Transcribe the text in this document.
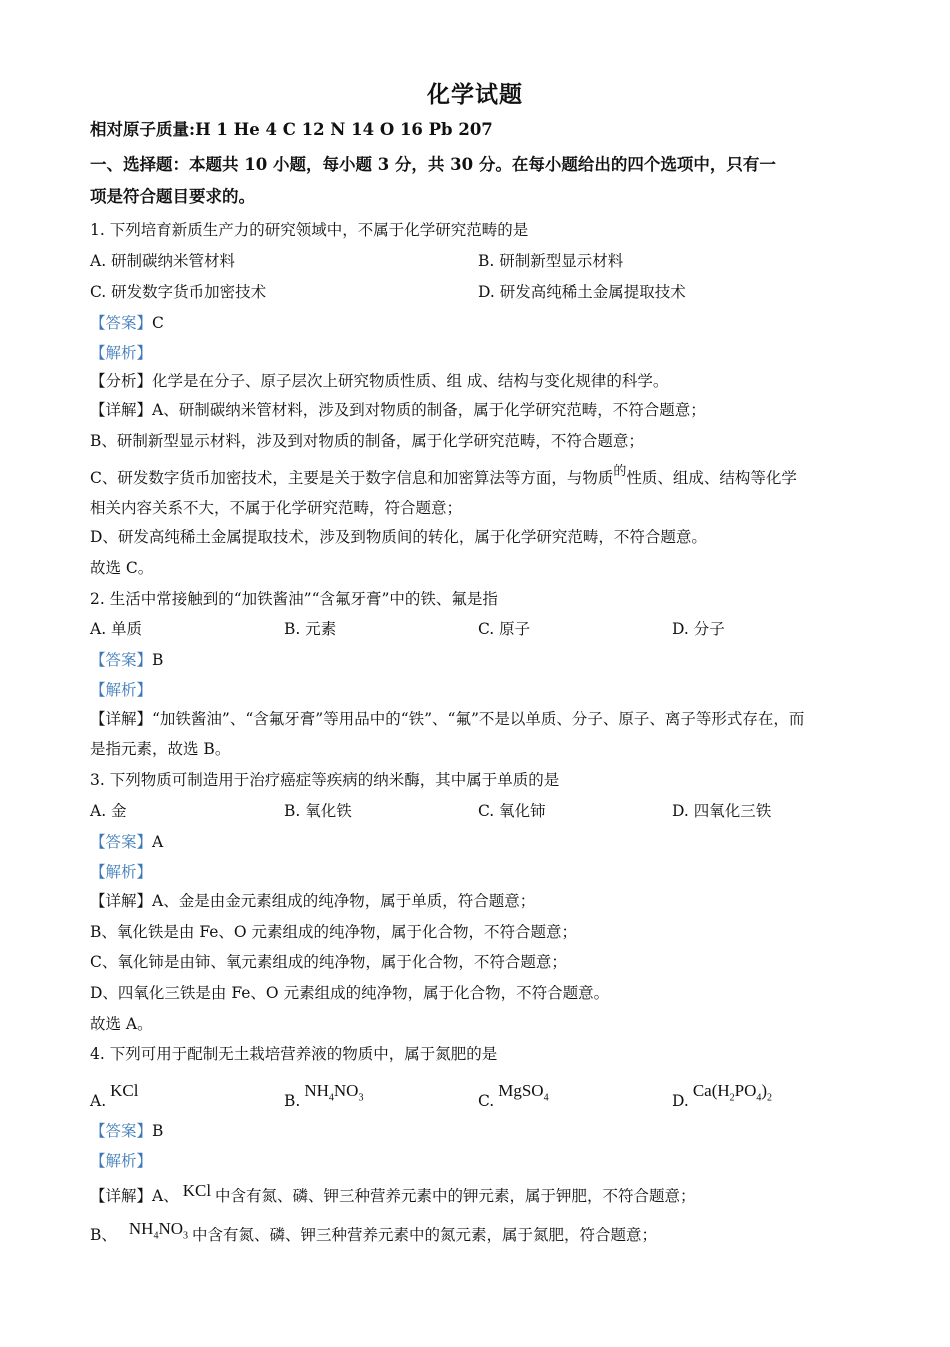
化学试题
相对原子质量:H 1 He 4 C 12 N 14 O 16 Pb 207
一、选择题：本题共 10 小题，每小题 3 分，共 30 分。在每小题给出的四个选项中，只有一
项是符合题目要求的。
1. 下列培育新质生产力的研究领域中，不属于化学研究范畴的是
A. 研制碳纳米管材料	B. 研制新型显示材料
C. 研发数字货币加密技术	D. 研发高纯稀土金属提取技术
【答案】C
【解析】
【分析】化学是在分子、原子层次上研究物质性质、组 成、结构与变化规律的科学。
【详解】A、研制碳纳米管材料，涉及到对物质的制备，属于化学研究范畴，不符合题意；
B、研制新型显示材料，涉及到对物质的制备，属于化学研究范畴，不符合题意；
C、研发数字货币加密技术，主要是关于数字信息和加密算法等方面，与物质$^的$性质、组成、结构等化学
相关内容关系不大，不属于化学研究范畴，符合题意；
D、研发高纯稀土金属提取技术，涉及到物质间的转化，属于化学研究范畴，不符合题意。
故选 C。
2. 生活中常接触到的“加铁酱油”“含氟牙膏”中的铁、氟是指
A. 单质	B. 元素	C. 原子	D. 分子
【答案】B
【解析】
【详解】“加铁酱油”、“含氟牙膏”等用品中的“铁”、“氟”不是以单质、分子、原子、离子等形式存在，而
是指元素，故选 B。
3. 下列物质可制造用于治疗癌症等疾病的纳米酶，其中属于单质的是
A. 金	B. 氧化铁	C. 氧化铈	D. 四氧化三铁
【答案】A
【解析】
【详解】A、金是由金元素组成的纯净物，属于单质，符合题意；
B、氧化铁是由 Fe、O 元素组成的纯净物，属于化合物，不符合题意；
C、氧化铈是由铈、氧元素组成的纯净物，属于化合物，不符合题意；
D、四氧化三铁是由 Fe、O 元素组成的纯净物，属于化合物，不符合题意。
故选 A。
4. 下列可用于配制无土栽培营养液的物质中，属于氮肥的是
A.KCl
$B.NH_4NO_3$	C.MgSO$_4$	$D.Ca(H_2PO_4)_2$
【答案】B
【解析】
【详解】A、 KCl 中含有氮、磷、钾三种营养元素中的钾元素，属于钾肥，不符合题意；
B、 $NH_4NO_3$ 中含有氮、磷、钾三种营养元素中的氮元素，属于氮肥，符合题意；
